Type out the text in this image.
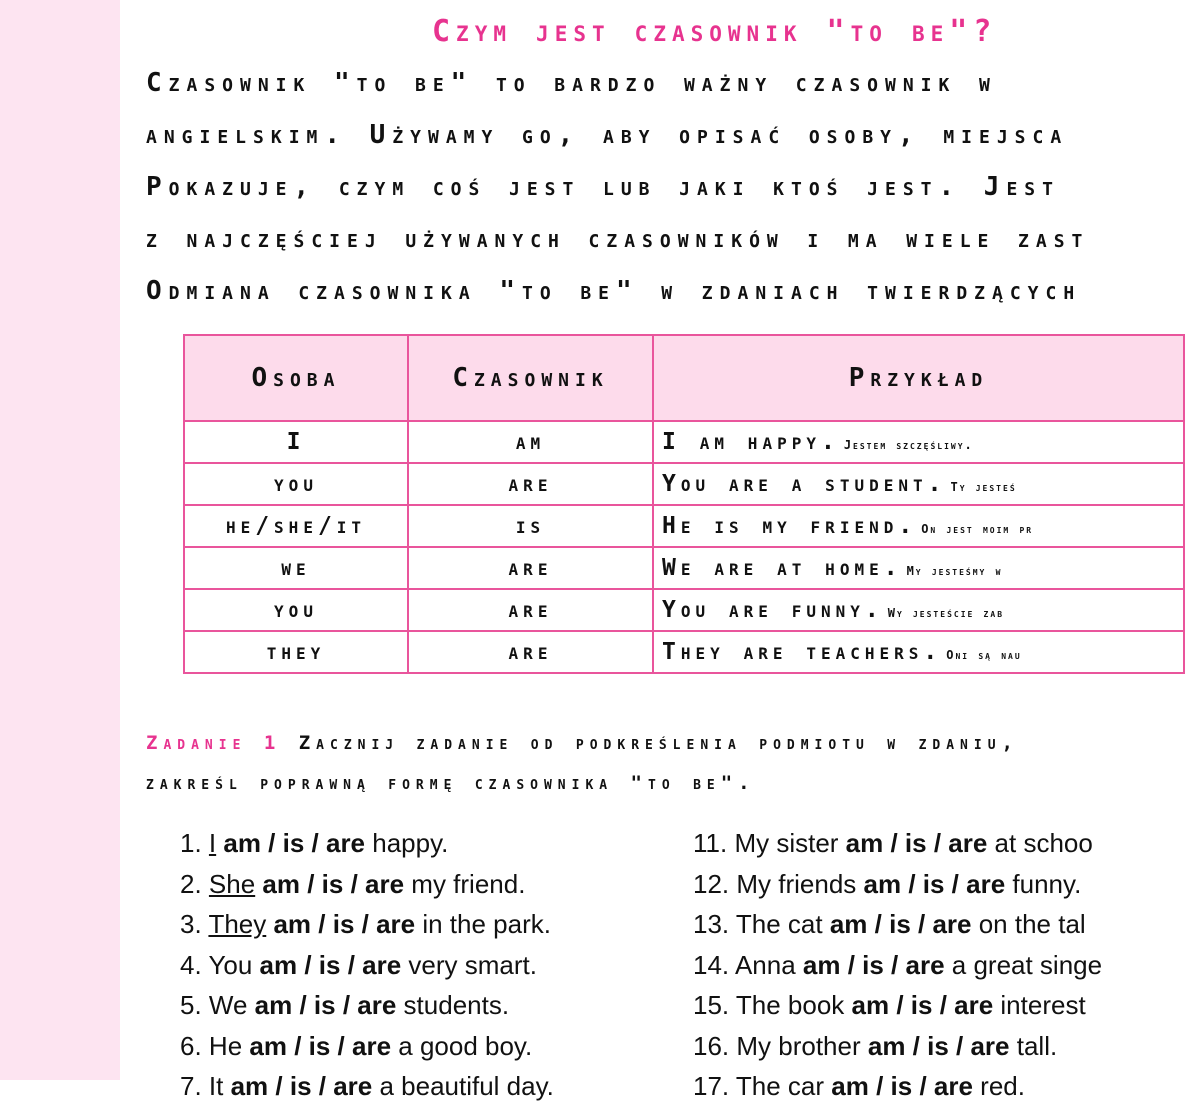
Czym jest czasownik "to be"?
Czasownik "to be" to bardzo ważny czasownik w
angielskim. Używamy go, aby opisać osoby, miejsca
Pokazuje, czym coś jest lub jaki ktoś jest. Jest
z najczęściej używanych czasowników i ma wiele zast
Odmiana czasownika "to be" w zdaniach twierdzących
Osoba	Czasownik	Przykład
I	am	I am happy. Jestem szczęśliwy.
you	are	You are a student. Ty jesteś
he/she/it	is	He is my friend. On jest moim pr
we	are	We are at home. My jesteśmy w
you	are	You are funny. Wy jesteście zab
they	are	They are teachers. Oni są nau
Zadanie 1 Zacznij zadanie od podkreślenia podmiotu w zdaniu,
zakreśl poprawną formę czasownika "to be".
1. I am / is / are happy.
2. She am / is / are my friend.
3. They am / is / are in the park.
4. You am / is / are very smart.
5. We am / is / are students.
6. He am / is / are a good boy.
7. It am / is / are a beautiful day.
11. My sister am / is / are at schoo
12. My friends am / is / are funny.
13. The cat am / is / are on the tal
14. Anna am / is / are a great singe
15. The book am / is / are interest
16. My brother am / is / are tall.
17. The car am / is / are red.
